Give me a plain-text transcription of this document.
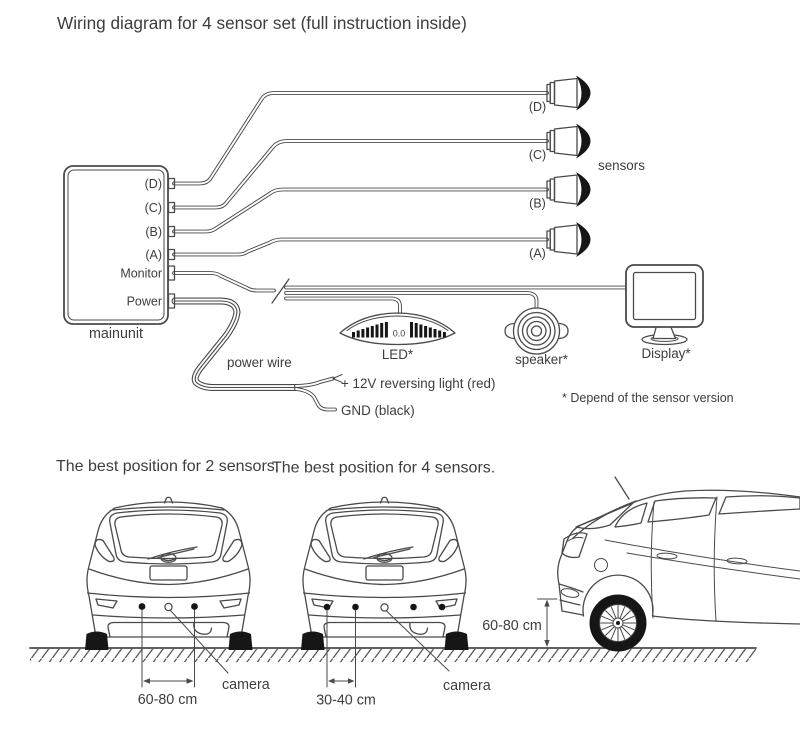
Wiring diagram for 4 sensor set (full instruction inside)
(D)
(C)
(B)
(A)
Monitor
Power
mainunit
(D)
(C)
(B)
(A)
sensors
0.0
LED*	speaker*	Display*
power wire
+ 12V reversing light (red)
GND (black)
* Depend of the sensor version
The best position for 2 sensors.
The best position for 4 sensors.
60-80 cm
camera
30-40 cm
camera
60-80 cm
